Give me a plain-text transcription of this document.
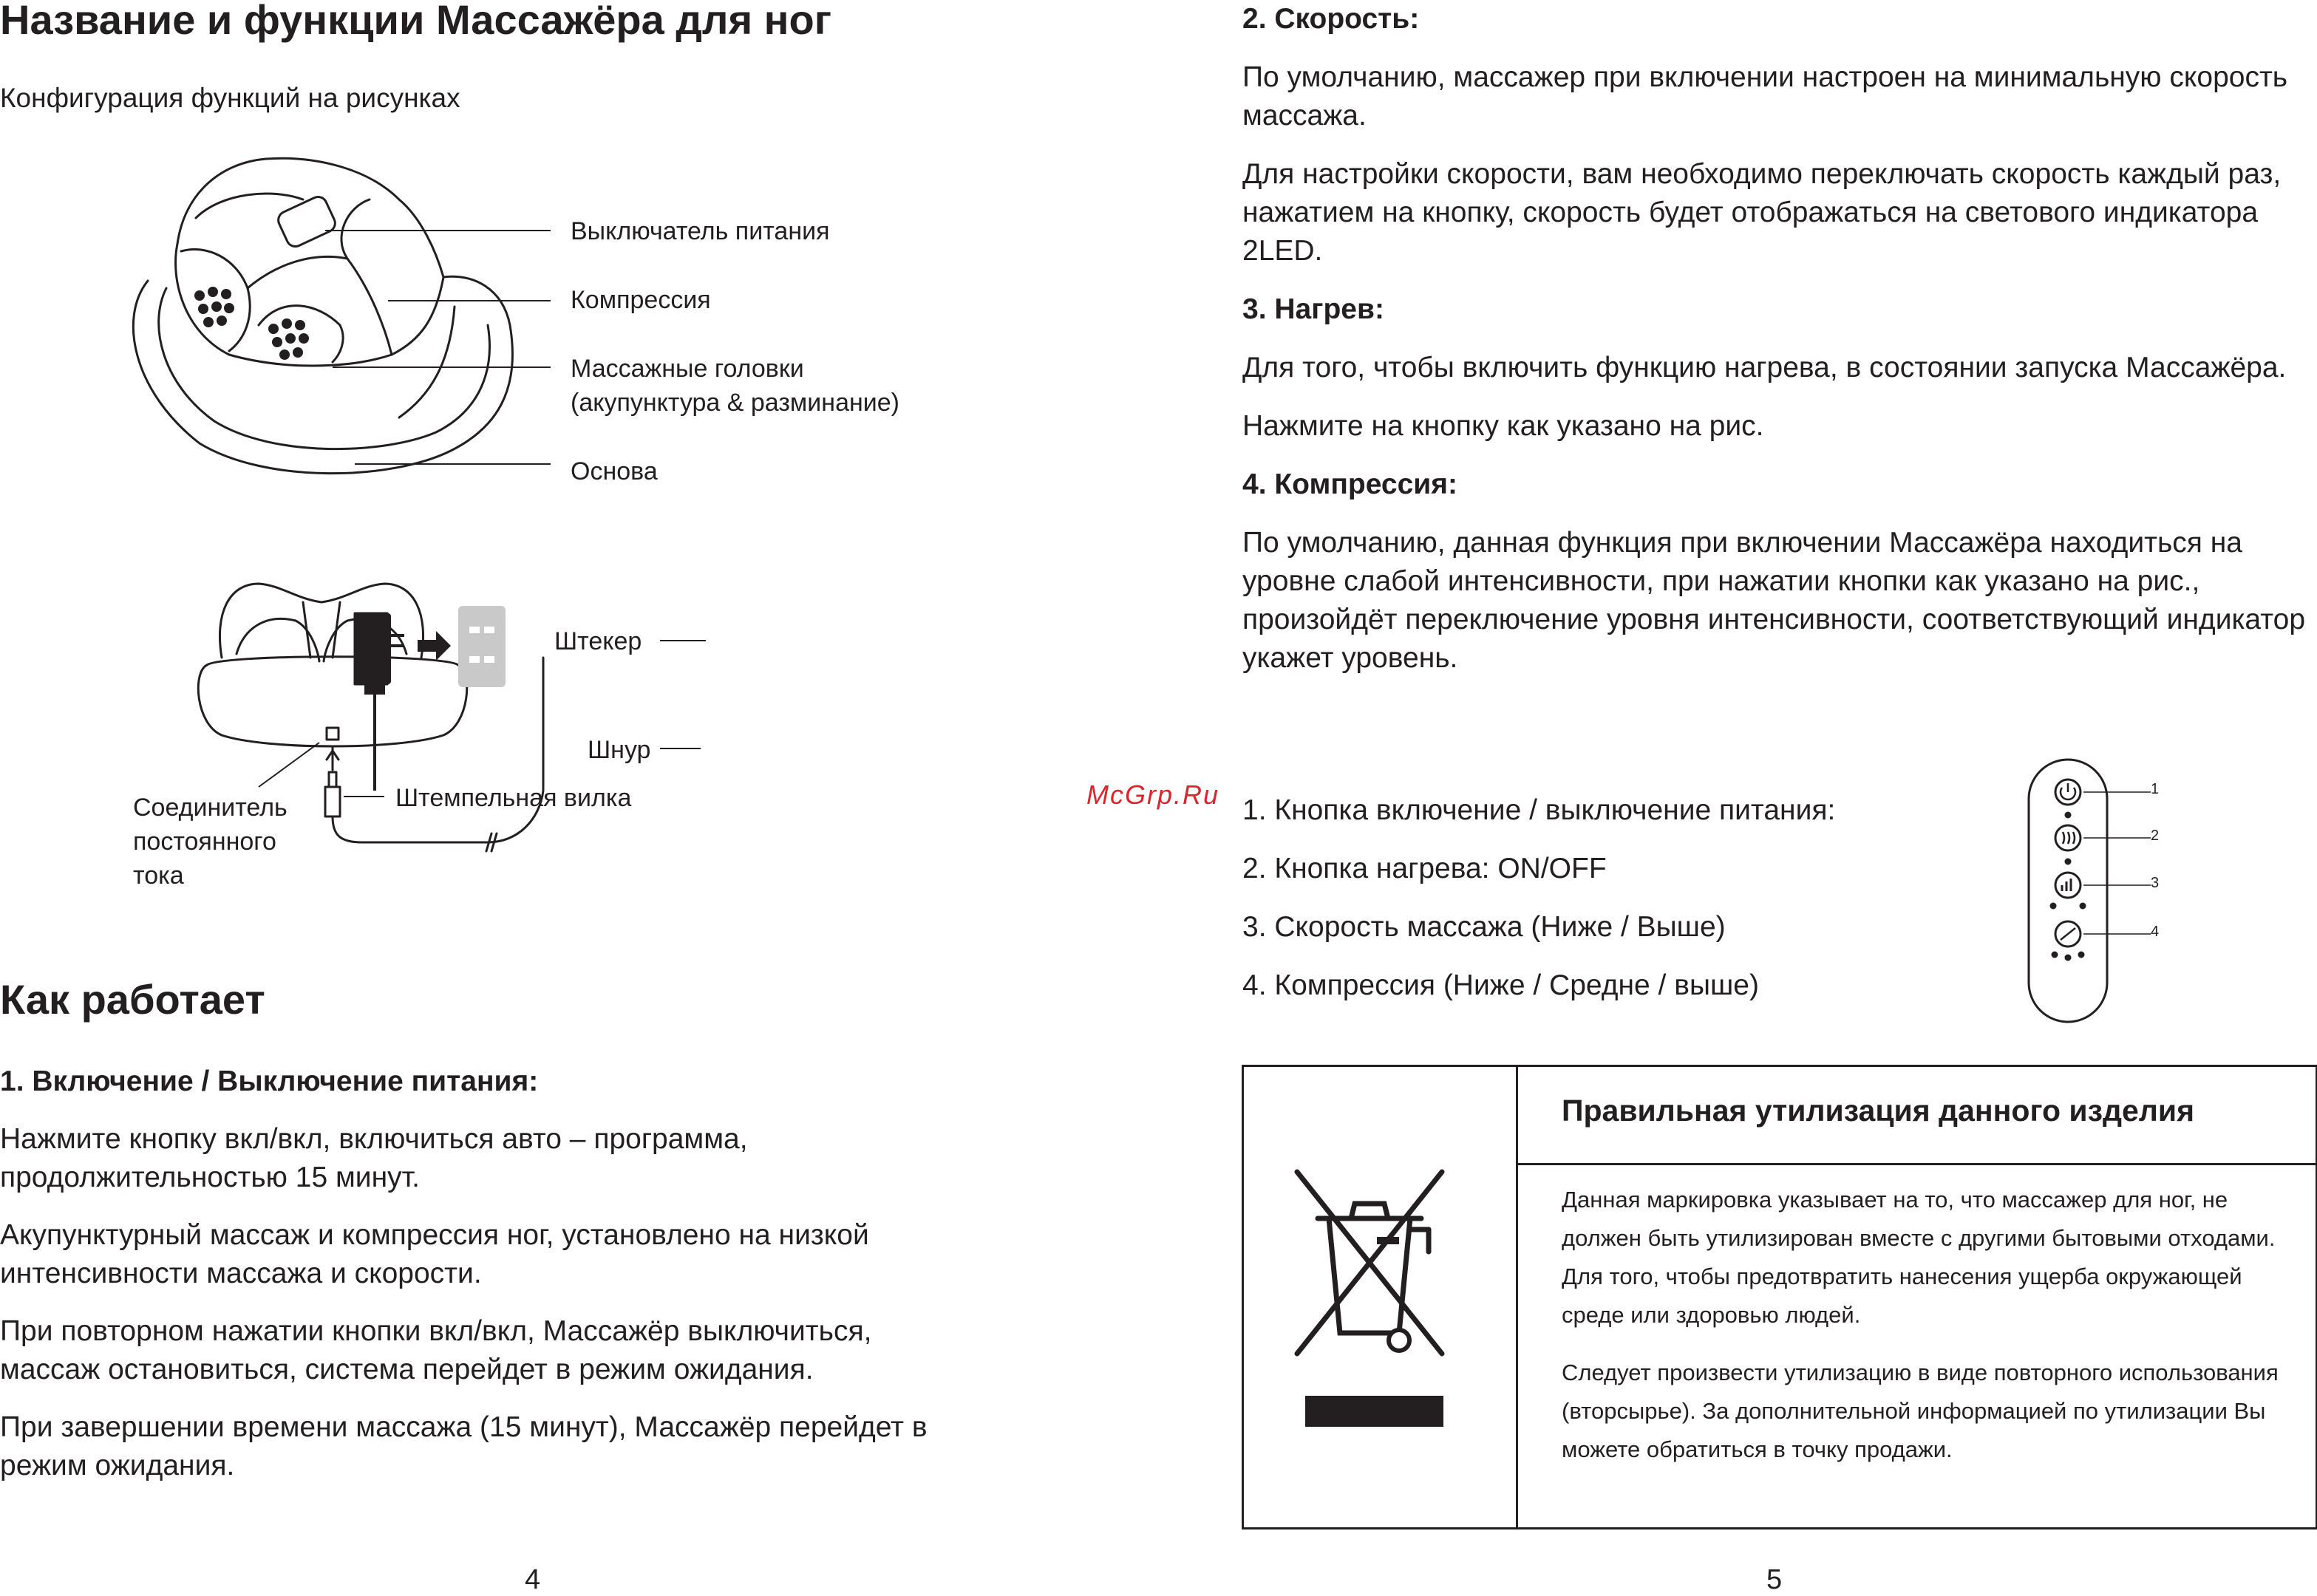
Название и функции Массажёра для ног
Конфигурация функций на рисунках
Выключатель питания
Компрессия
Массажные головки
(акупунктура & разминание)
Основа
Штекер
Шнур
Соединитель
постоянного
тока
Штемпельная вилка
Как работает

1. Включение / Выключение питания:

Нажмите кнопку вкл/вкл, включиться авто – программа, продолжительностью 15 минут.

Акупунктурный массаж и компрессия ног, установлено на низкой интенсивности массажа и скорости.

При повторном нажатии кнопки вкл/вкл, Массажёр выключиться, массаж остановиться, система перейдет в режим ожидания.

При завершении времени массажа (15 минут), Массажёр перейдет в режим ожидания.

4

2. Скорость:

По умолчанию, массажер при включении настроен на минимальную скорость массажа.

Для настройки скорости, вам необходимо переключать скорость каждый раз, нажатием на кнопку, скорость будет отображаться на светового индикатора 2LED.

3. Нагрев:

Для того, чтобы включить функцию нагрева, в состоянии запуска Массажёра.

Нажмите на кнопку как указано на рис.

4. Компрессия:

По умолчанию, данная функция при включении Массажёра находиться на уровне слабой интенсивности, при нажатии кнопки как указано на рис., произойдёт переключение уровня интенсивности, соответствующий индикатор укажет уровень.

McGrp.Ru 1. Кнопка включение / выключение питания:
2. Кнопка нагрева: ON/OFF
3. Скорость массажа (Ниже / Выше)
4. Компрессия (Ниже / Средне / выше)
1
2
3
4
Правильная утилизация данного изделия

Данная маркировка указывает на то, что массажер для ног, не должен быть утилизирован вместе с другими бытовыми отходами. Для того, чтобы предотвратить нанесения ущерба окружающей среде или здоровью людей.

Следует произвести утилизацию в виде повторного использования (вторсырье). За дополнительной информацией по утилизации Вы можете обратиться в точку продажи.

5
